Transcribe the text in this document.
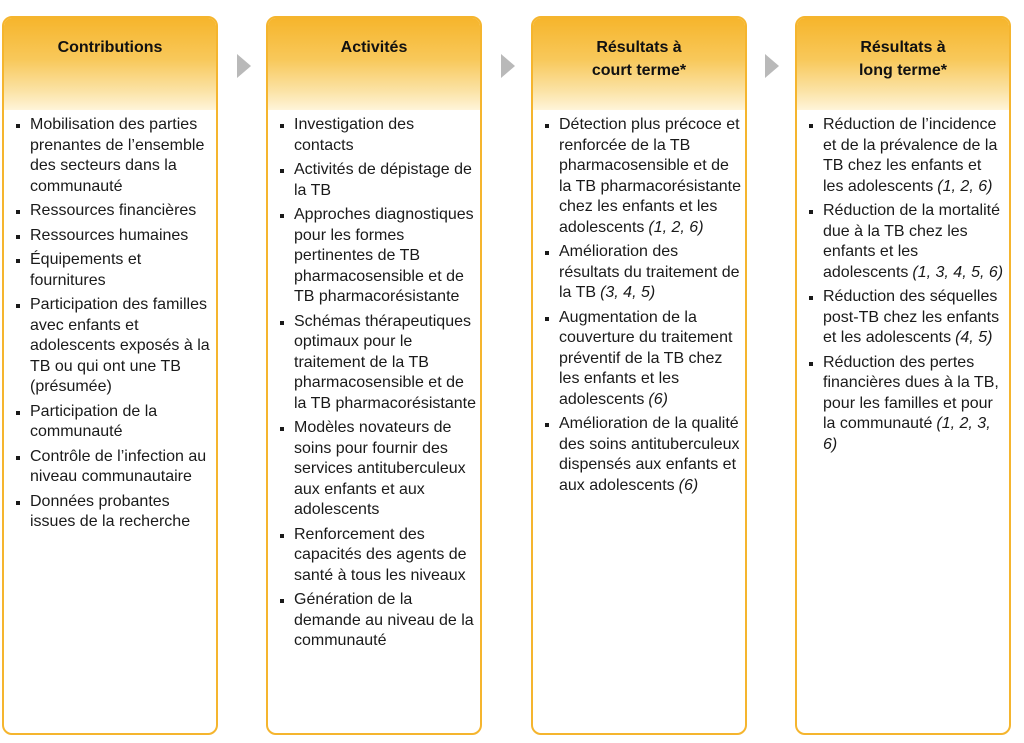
Contributions
Mobilisation des parties prenantes de l’ensemble des secteurs dans la communauté
Ressources financières
Ressources humaines
Équipements et fournitures
Participation des familles avec enfants et adolescents exposés à la TB ou qui ont une TB (présumée)
Participation de la communauté
Contrôle de l’infection au niveau communautaire
Données probantes issues de la recherche
Activités
Investigation des contacts
Activités de dépistage de la TB
Approches diagnostiques pour les formes pertinentes de TB pharmacosensible et de TB pharmacorésistante
Schémas thérapeutiques optimaux pour le traitement de la TB pharmacosensible et de la TB pharmacorésistante
Modèles novateurs de soins pour fournir des services antituberculeux aux enfants et aux adolescents
Renforcement des capacités des agents de santé à tous les niveaux
Génération de la demande au niveau de la communauté
Résultats à
court terme*
Détection plus précoce et renforcée de la TB pharmacosensible et de la TB pharmacorésistante chez les enfants et les adolescents (1, 2, 6)
Amélioration des résultats du traitement de la TB (3, 4, 5)
Augmentation de la couverture du traitement préventif de la TB chez les enfants et les adolescents (6)
Amélioration de la qualité des soins antituberculeux dispensés aux enfants et aux adolescents (6)
Résultats à
long terme*
Réduction de l’incidence et de la prévalence de la TB chez les enfants et les adolescents (1, 2, 6)
Réduction de la mortalité due à la TB chez les enfants et les adolescents (1, 3, 4, 5, 6)
Réduction des séquelles post-TB chez les enfants et les adolescents (4, 5)
Réduction des pertes financières dues à la TB, pour les familles et pour la communauté (1, 2, 3, 6)
